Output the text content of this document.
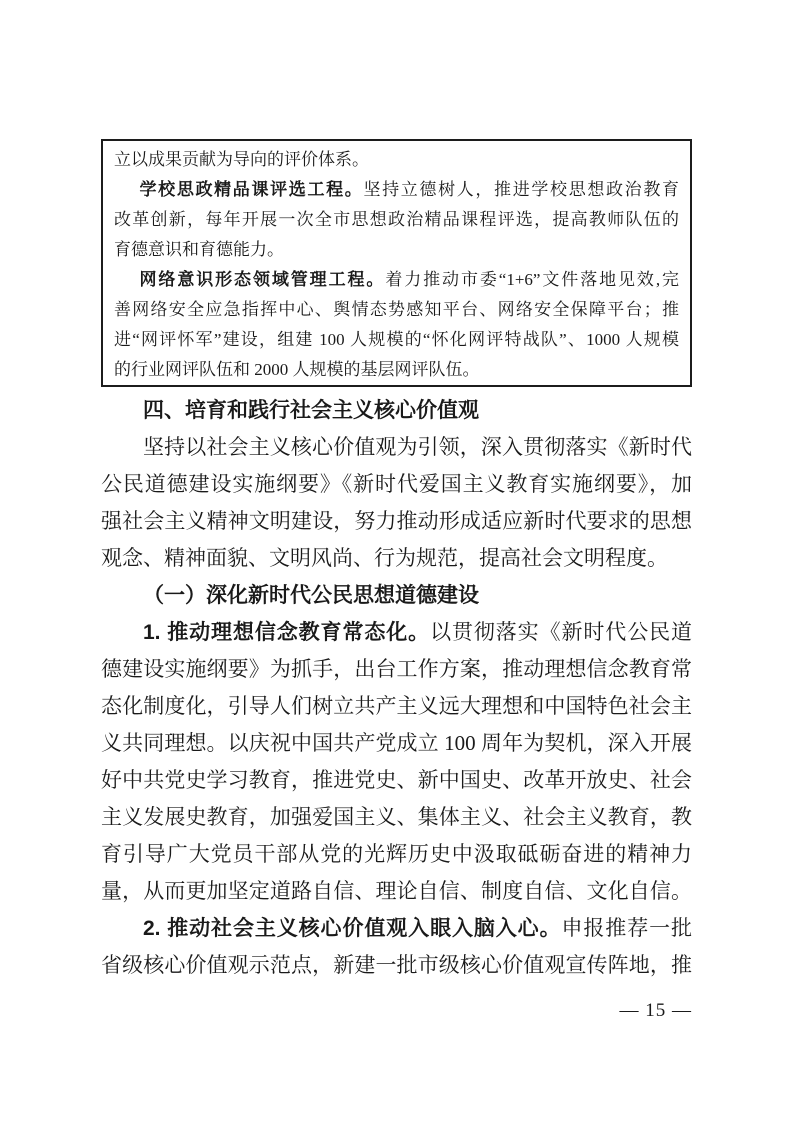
立以成果贡献为导向的评价体系。
学校思政精品课评选工程。坚持立德树人，推进学校思想政治教育
改革创新，每年开展一次全市思想政治精品课程评选，提高教师队伍的
育德意识和育德能力。
网络意识形态领域管理工程。着力推动市委“1+6”文件落地见效,完
善网络安全应急指挥中心、舆情态势感知平台、网络安全保障平台；推
进“网评怀军”建设，组建 100 人规模的“怀化网评特战队”、1000 人规模
的行业网评队伍和 2000 人规模的基层网评队伍。
四、培育和践行社会主义核心价值观
坚持以社会主义核心价值观为引领，深入贯彻落实《新时代
公民道德建设实施纲要》《新时代爱国主义教育实施纲要》，加
强社会主义精神文明建设，努力推动形成适应新时代要求的思想
观念、精神面貌、文明风尚、行为规范，提高社会文明程度。
（一）深化新时代公民思想道德建设
1. 推动理想信念教育常态化。以贯彻落实《新时代公民道
德建设实施纲要》为抓手，出台工作方案，推动理想信念教育常
态化制度化，引导人们树立共产主义远大理想和中国特色社会主
义共同理想。以庆祝中国共产党成立 100 周年为契机，深入开展
好中共党史学习教育，推进党史、新中国史、改革开放史、社会
主义发展史教育，加强爱国主义、集体主义、社会主义教育，教
育引导广大党员干部从党的光辉历史中汲取砥砺奋进的精神力
量，从而更加坚定道路自信、理论自信、制度自信、文化自信。
2. 推动社会主义核心价值观入眼入脑入心。申报推荐一批
省级核心价值观示范点，新建一批市级核心价值观宣传阵地，推
— 15 —
